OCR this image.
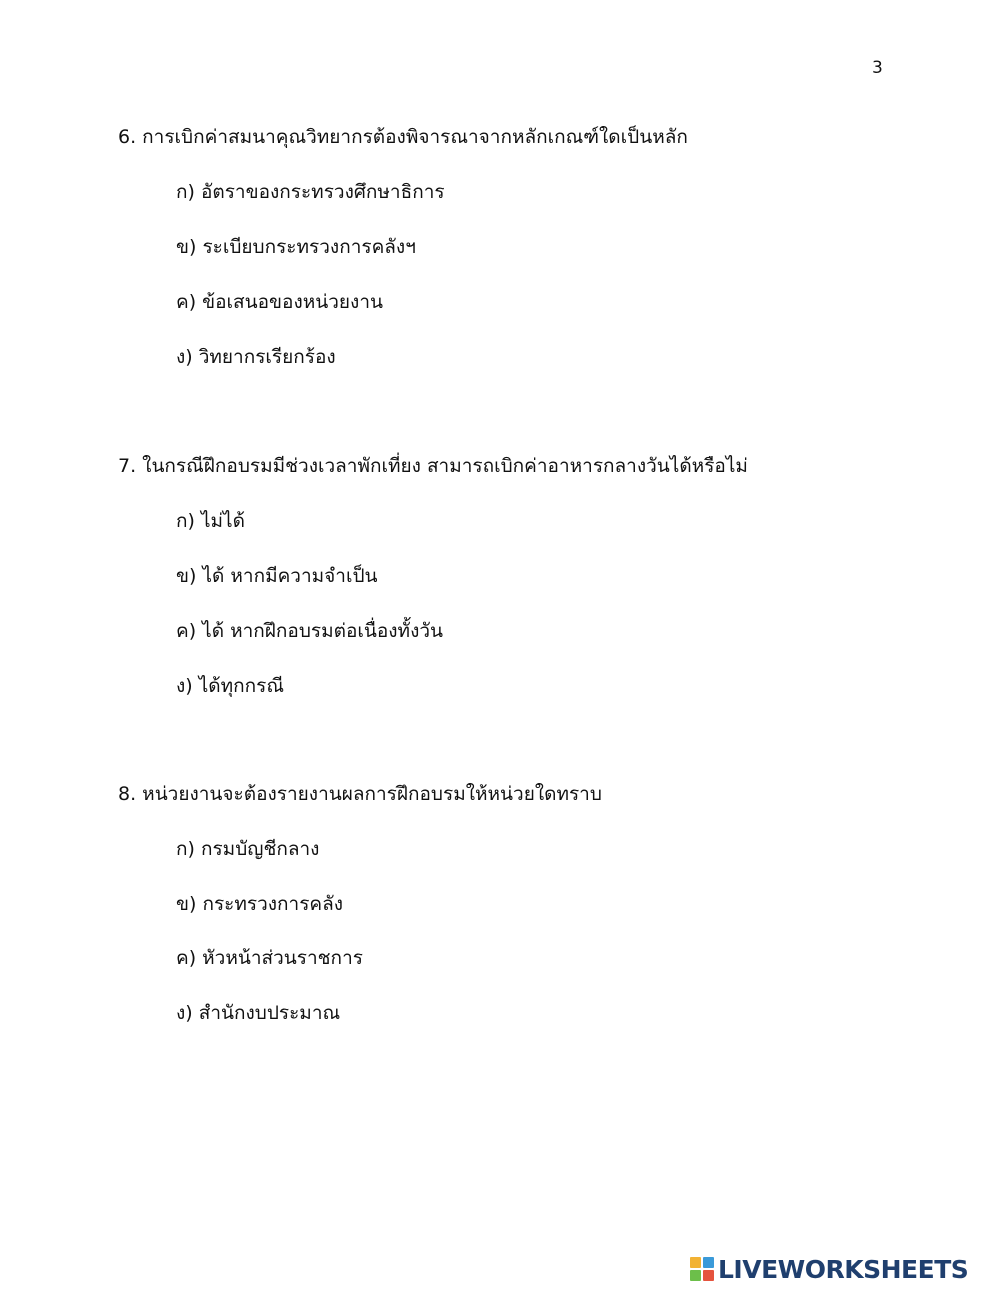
3
6. การเบิกค่าสมนาคุณวิทยากรต้องพิจารณาจากหลักเกณฑ์ใดเป็นหลัก
ก) อัตราของกระทรวงศึกษาธิการ
ข) ระเบียบกระทรวงการคลังฯ
ค) ข้อเสนอของหน่วยงาน
ง) วิทยากรเรียกร้อง
7. ในกรณีฝึกอบรมมีช่วงเวลาพักเที่ยง สามารถเบิกค่าอาหารกลางวันได้หรือไม่
ก) ไม่ได้
ข) ได้ หากมีความจำเป็น
ค) ได้ หากฝึกอบรมต่อเนื่องทั้งวัน
ง) ได้ทุกกรณี
8. หน่วยงานจะต้องรายงานผลการฝึกอบรมให้หน่วยใดทราบ
ก) กรมบัญชีกลาง
ข) กระทรวงการคลัง
ค) หัวหน้าส่วนราชการ
ง) สำนักงบประมาณ
LIVEWORKSHEETS
